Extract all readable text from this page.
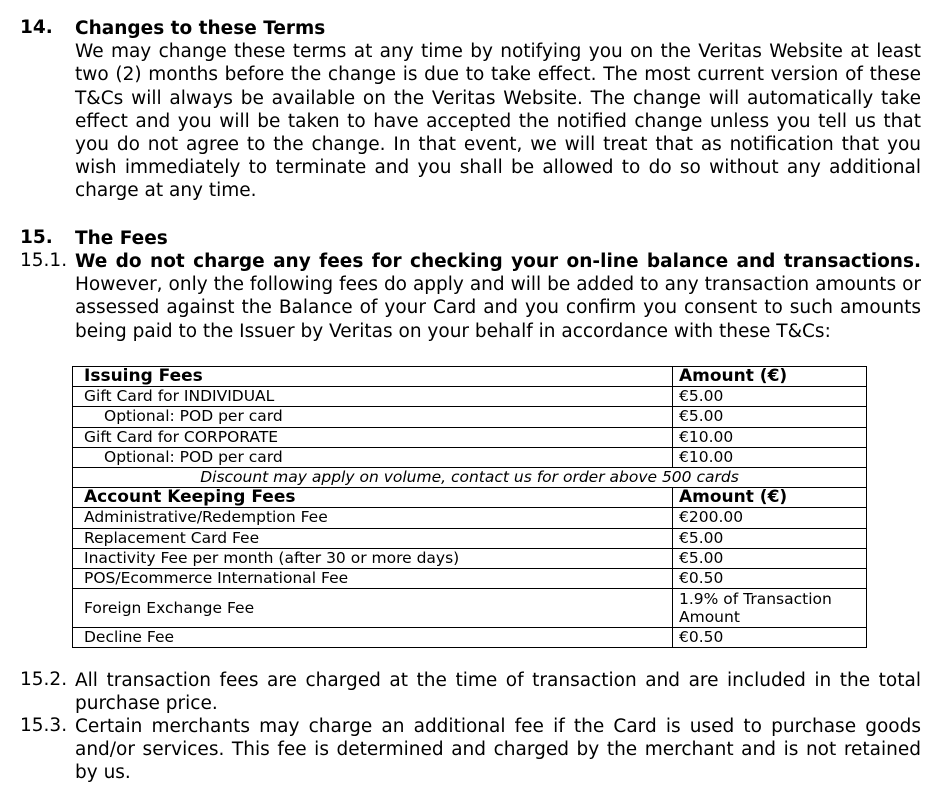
14. Changes to these Terms
We may change these terms at any time by notifying you on the Veritas Website at least two (2) months before the change is due to take effect. The most current version of these T&Cs will always be available on the Veritas Website. The change will automatically take effect and you will be taken to have accepted the notified change unless you tell us that you do not agree to the change. In that event, we will treat that as notification that you wish immediately to terminate and you shall be allowed to do so without any additional charge at any time.
15. The Fees
15.1. We do not charge any fees for checking your on-line balance and transactions. However, only the following fees do apply and will be added to any transaction amounts or assessed against the Balance of your Card and you confirm you consent to such amounts being paid to the Issuer by Veritas on your behalf in accordance with these T&Cs:
Issuing Fees	Amount (€)
Gift Card for INDIVIDUAL	€5.00
Optional: POD per card	€5.00
Gift Card for CORPORATE	€10.00
Optional: POD per card	€10.00
Discount may apply on volume, contact us for order above 500 cards	
Account Keeping Fees	Amount (€)
Administrative/Redemption Fee	€200.00
Replacement Card Fee	€5.00
Inactivity Fee per month (after 30 or more days)	€5.00
POS/Ecommerce International Fee	€0.50
Foreign Exchange Fee	1.9% of Transaction Amount
Decline Fee	€0.50
15.2. All transaction fees are charged at the time of transaction and are included in the total purchase price.
15.3. Certain merchants may charge an additional fee if the Card is used to purchase goods and/or services. This fee is determined and charged by the merchant and is not retained by us.
